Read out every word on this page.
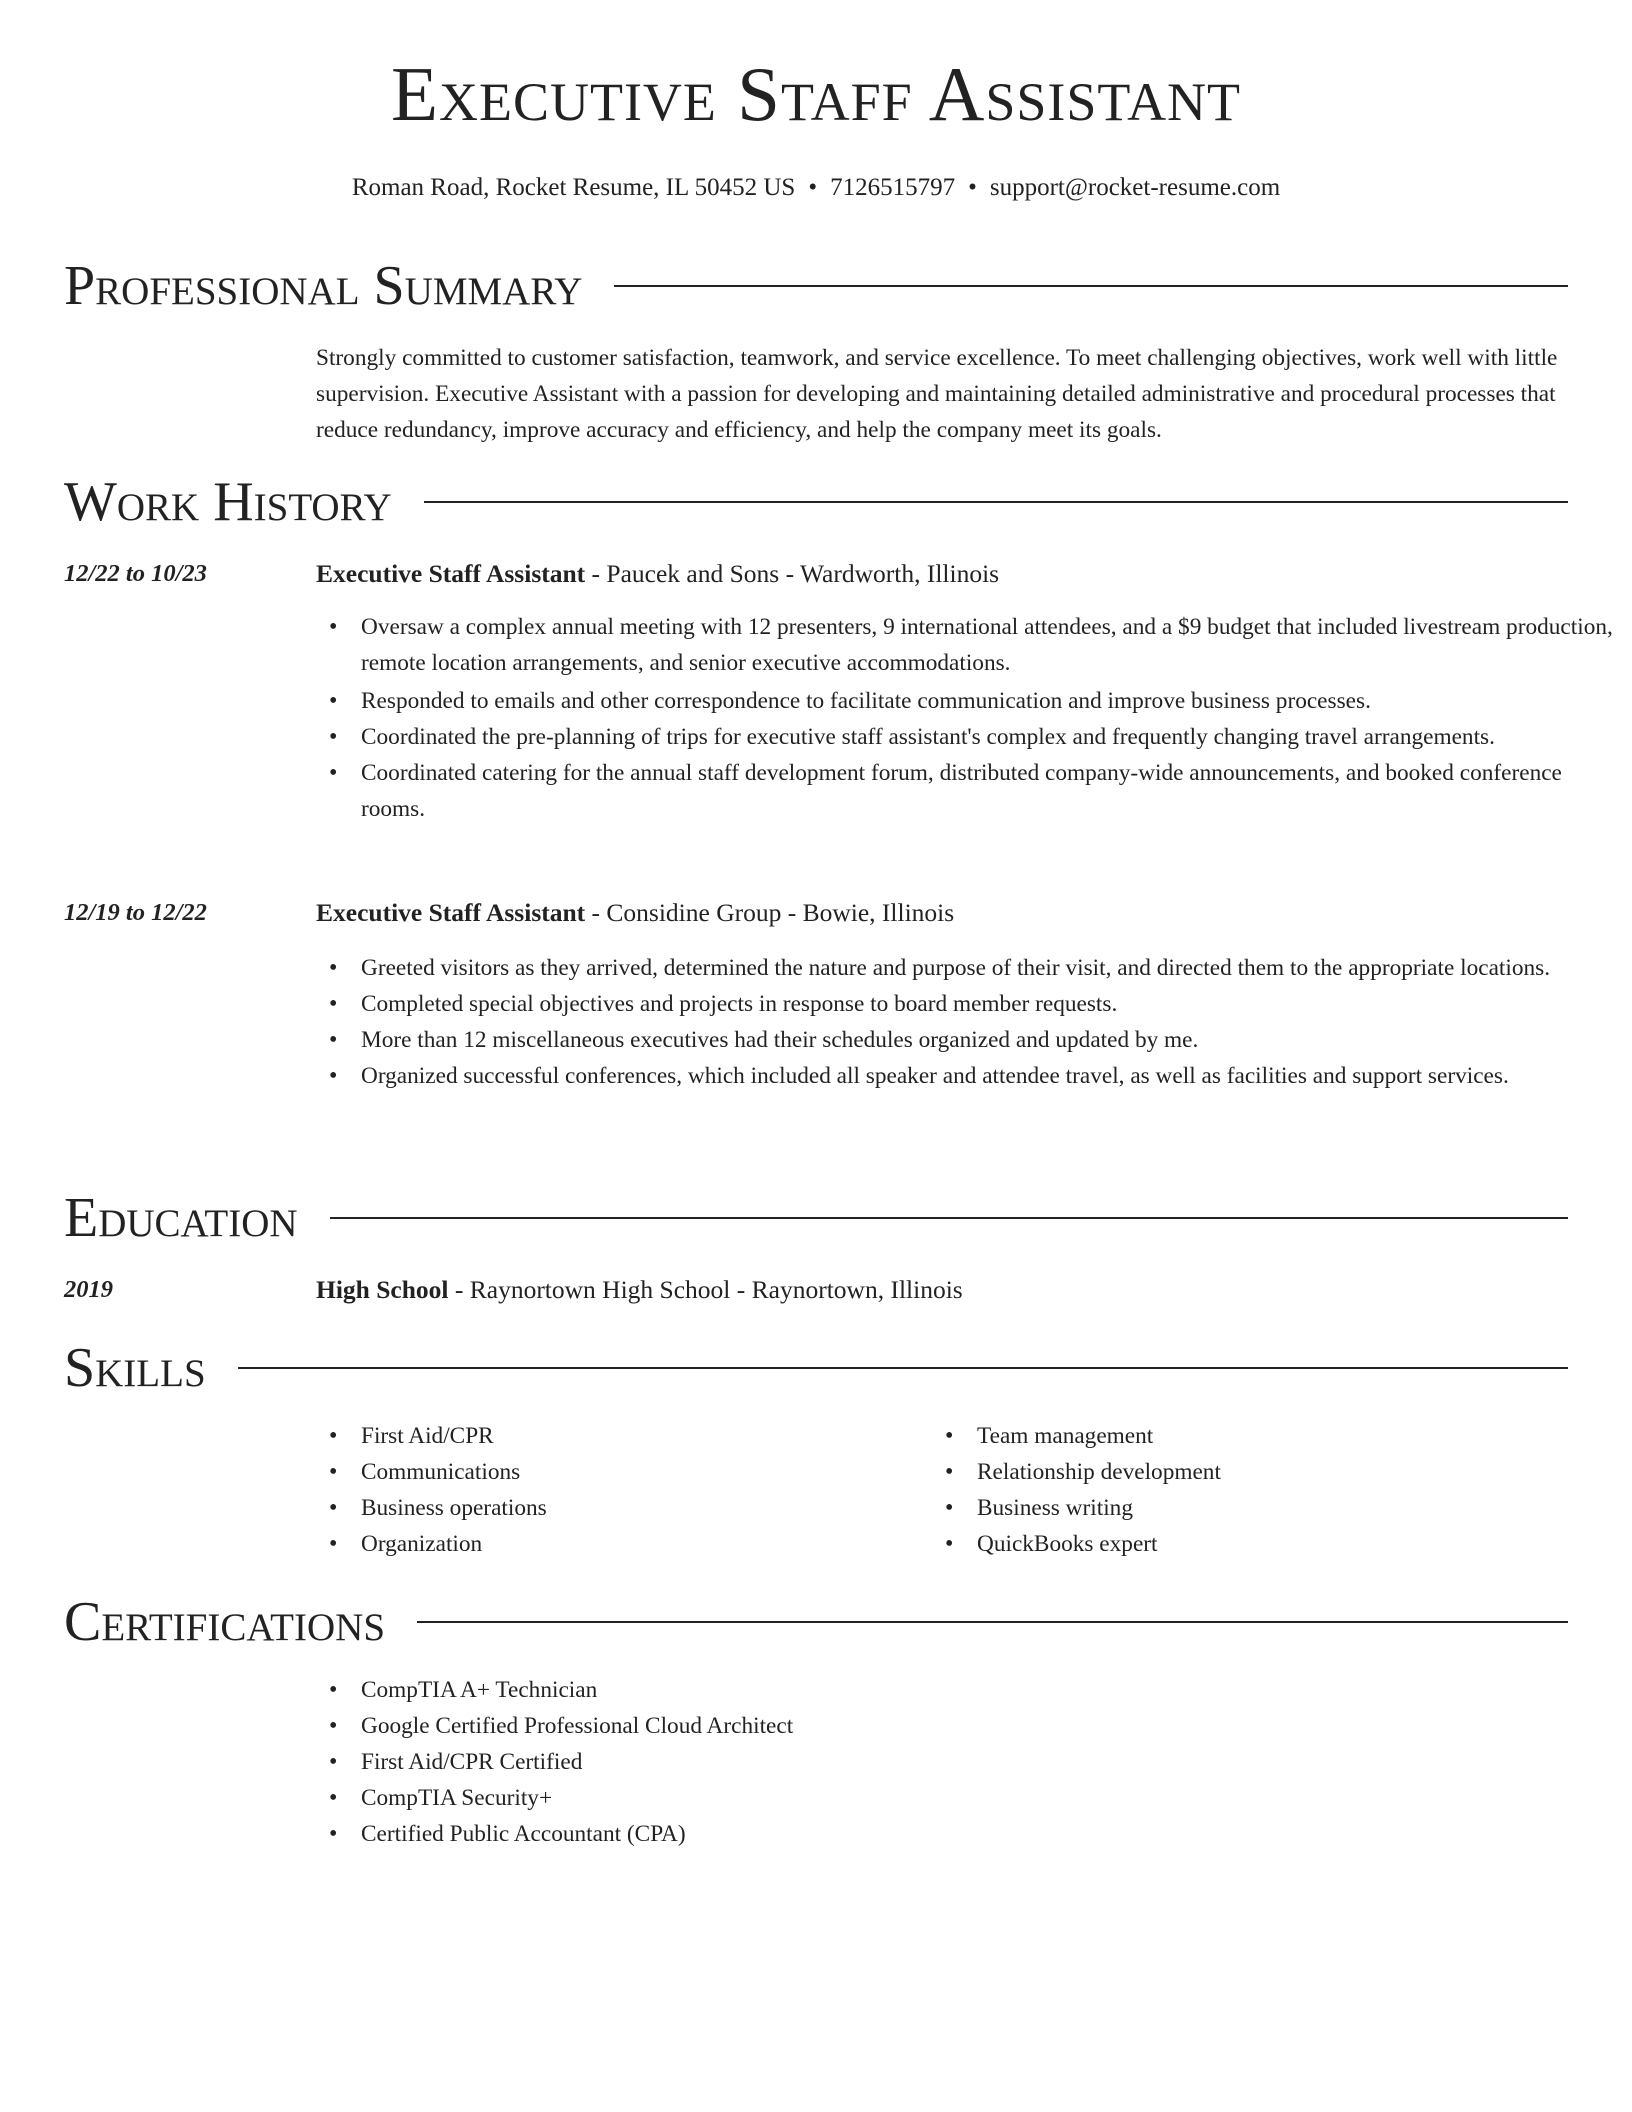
Executive Staff Assistant
Roman Road, Rocket Resume, IL 50452 US • 7126515797 • support@rocket-resume.com
Professional Summary

Strongly committed to customer satisfaction, teamwork, and service excellence. To meet challenging objectives, work well with little supervision. Executive Assistant with a passion for developing and maintaining detailed administrative and procedural processes that reduce redundancy, improve accuracy and efficiency, and help the company meet its goals.

Work History
12/22 to 10/23	Executive Staff Assistant - Paucek and Sons - Wardworth, Illinois
• Oversaw a complex annual meeting with 12 presenters, 9 international attendees, and a $9 budget that included livestream production, remote location arrangements, and senior executive accommodations.
• Responded to emails and other correspondence to facilitate communication and improve business processes.
• Coordinated the pre-planning of trips for executive staff assistant's complex and frequently changing travel arrangements.
• Coordinated catering for the annual staff development forum, distributed company-wide announcements, and booked conference rooms.
12/19 to 12/22	Executive Staff Assistant - Considine Group - Bowie, Illinois
• Greeted visitors as they arrived, determined the nature and purpose of their visit, and directed them to the appropriate locations.
• Completed special objectives and projects in response to board member requests.
• More than 12 miscellaneous executives had their schedules organized and updated by me.
• Organized successful conferences, which included all speaker and attendee travel, as well as facilities and support services.
Education
2019	High School - Raynortown High School - Raynortown, Illinois
Skills
• First Aid/CPR
• Communications
• Business operations
• Organization
• Team management
• Relationship development
• Business writing
• QuickBooks expert
Certifications
• CompTIA A+ Technician
• Google Certified Professional Cloud Architect
• First Aid/CPR Certified
• CompTIA Security+
• Certified Public Accountant (CPA)
